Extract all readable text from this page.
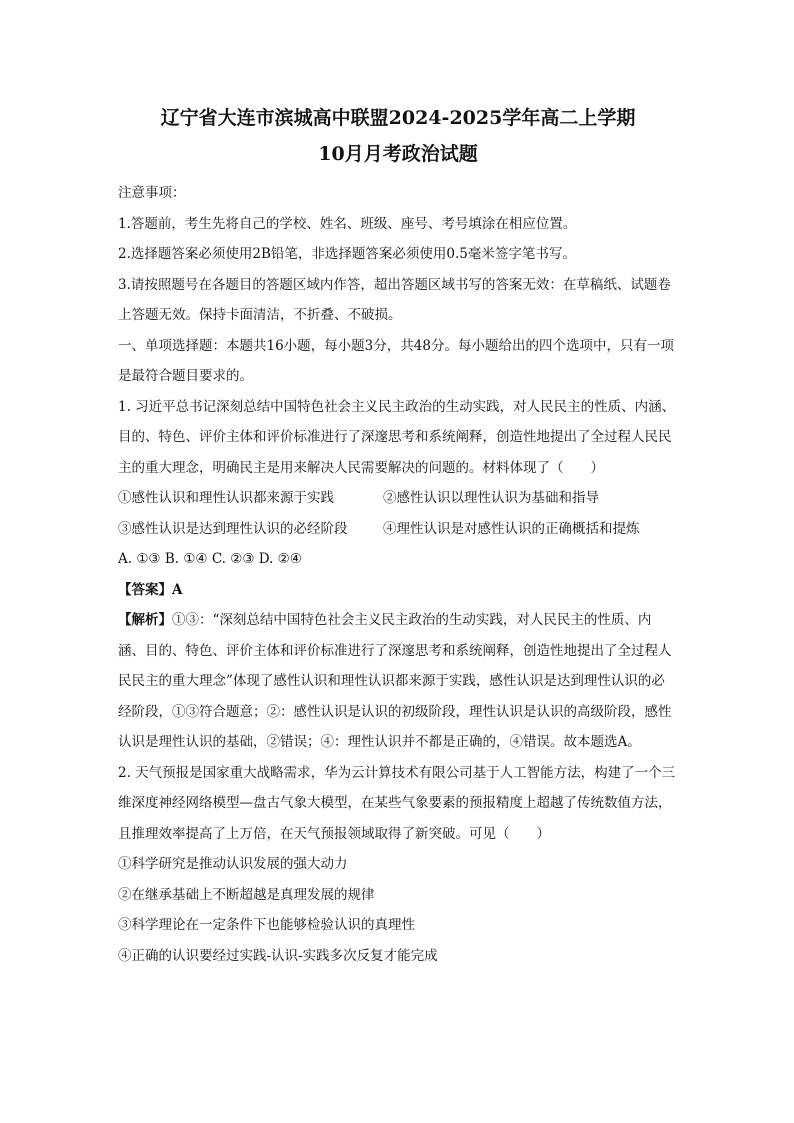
辽宁省大连市滨城高中联盟2024-2025学年高二上学期

10月月考政治试题

注意事项：

1.答题前，考生先将自己的学校、姓名、班级、座号、考号填涂在相应位置。

2.选择题答案必须使用2B铅笔，非选择题答案必须使用0.5毫米签字笔书写。

3.请按照题号在各题目的答题区域内作答，超出答题区域书写的答案无效：在草稿纸、试题卷上答题无效。保持卡面清洁，不折叠、不破损。

一、单项选择题：本题共16小题，每小题3分，共48分。每小题给出的四个选项中，只有一项是最符合题目要求的。

1. 习近平总书记深刻总结中国特色社会主义民主政治的生动实践，对人民民主的性质、内涵、目的、特色、评价主体和评价标准进行了深邃思考和系统阐释，创造性地提出了全过程人民民主的重大理念，明确民主是用来解决人民需要解决的问题的。材料体现了（　　）

①感性认识和理性认识都来源于实践	②感性认识以理性认识为基础和指导
③感性认识是达到理性认识的必经阶段	④理性认识是对感性认识的正确概括和提炼

A. ①③ B. ①④ C. ②③ D. ②④

【答案】A

【解析】①③：“深刻总结中国特色社会主义民主政治的生动实践，对人民民主的性质、内涵、目的、特色、评价主体和评价标准进行了深邃思考和系统阐释，创造性地提出了全过程人民民主的重大理念”体现了感性认识和理性认识都来源于实践，感性认识是达到理性认识的必经阶段，①③符合题意；②：感性认识是认识的初级阶段，理性认识是认识的高级阶段，感性认识是理性认识的基础，②错误；④：理性认识并不都是正确的，④错误。故本题选A。

2. 天气预报是国家重大战略需求，华为云计算技术有限公司基于人工智能方法，构建了一个三维深度神经网络模型—盘古气象大模型，在某些气象要素的预报精度上超越了传统数值方法，且推理效率提高了上万倍，在天气预报领域取得了新突破。可见（　　）

①科学研究是推动认识发展的强大动力

②在继承基础上不断超越是真理发展的规律

③科学理论在一定条件下也能够检验认识的真理性

④正确的认识要经过实践-认识-实践多次反复才能完成
